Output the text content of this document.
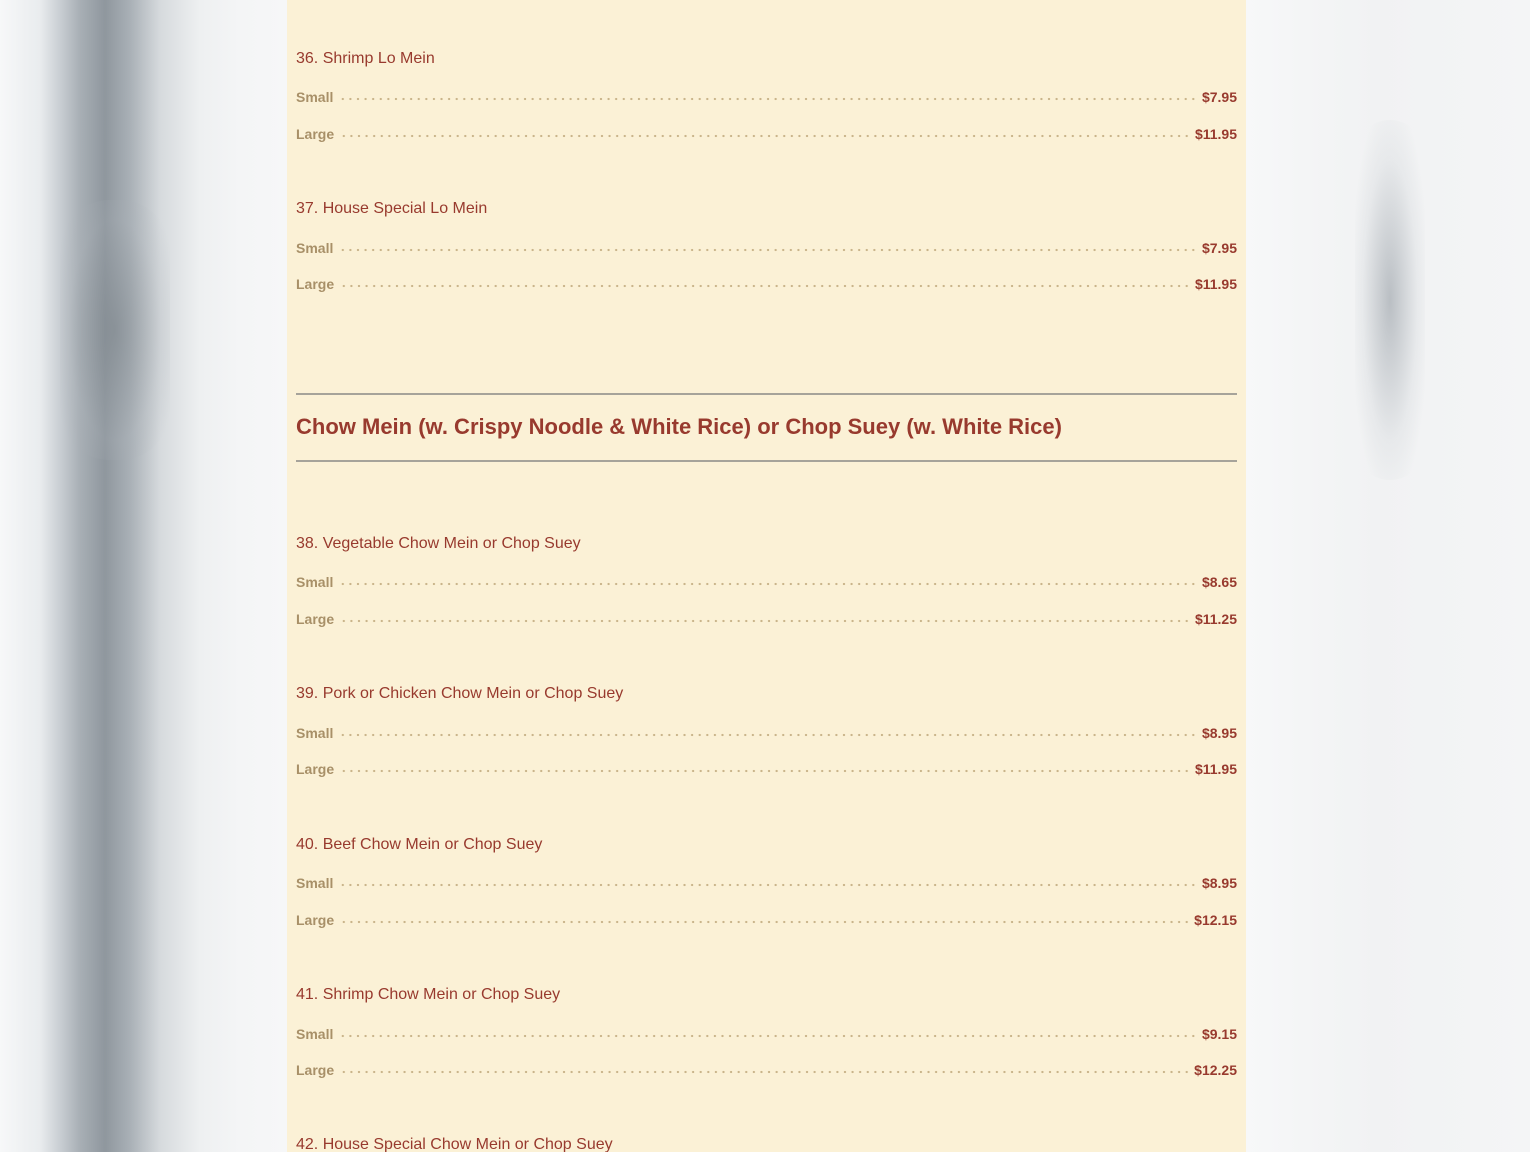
36. Shrimp Lo Mein
Small	$7.95
Large	$11.95
37. House Special Lo Mein
Small	$7.95
Large	$11.95
Chow Mein (w. Crispy Noodle & White Rice) or Chop Suey (w. White Rice)
38. Vegetable Chow Mein or Chop Suey
Small	$8.65
Large	$11.25
39. Pork or Chicken Chow Mein or Chop Suey
Small	$8.95
Large	$11.95
40. Beef Chow Mein or Chop Suey
Small	$8.95
Large	$12.15
41. Shrimp Chow Mein or Chop Suey
Small	$9.15
Large	$12.25
42. House Special Chow Mein or Chop Suey
